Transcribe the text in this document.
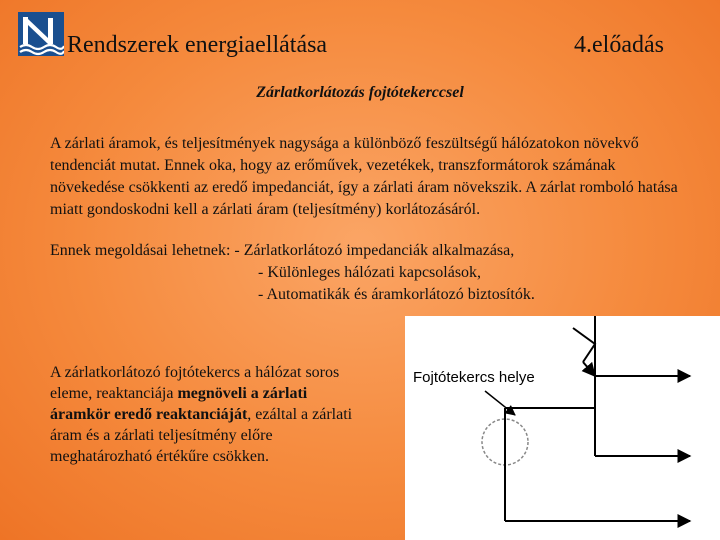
Rendszerek energiaellátása	4.előadás
Zárlatkorlátozás fojtótekerccsel

A zárlati áramok, és teljesítmények nagysága a különböző feszültségű hálózatokon növekvő tendenciát mutat. Ennek oka, hogy az erőművek, vezetékek, transzformátorok számának növekedése csökkenti az eredő impedanciát, így a zárlati áram növekszik. A zárlat romboló hatása miatt gondoskodni kell a zárlati áram (teljesítmény) korlátozásáról.

Ennek megoldásai lehetnek: - Zárlatkorlátozó impedanciák alkalmazása,
- Különleges hálózati kapcsolások,
- Automatikák és áramkorlátozó biztosítók.
A zárlatkorlátozó fojtótekercs a hálózat soros eleme, reaktanciája megnöveli a zárlati áramkör eredő reaktanciáját, ezáltal a zárlati áram és a zárlati teljesítmény előre meghatározható értékűre csökken.
Fojtótekercs helye
